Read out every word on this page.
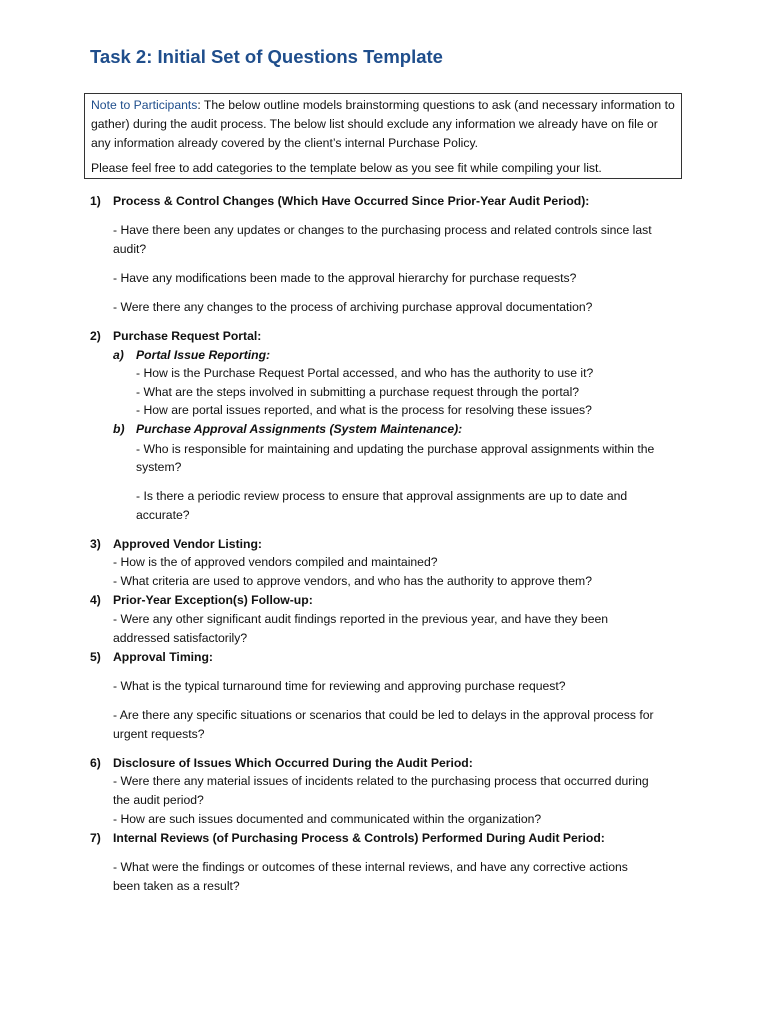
Task 2: Initial Set of Questions Template

Note to Participants: The below outline models brainstorming questions to ask (and necessary information to gather) during the audit process. The below list should exclude any information we already have on file or any information already covered by the client’s internal Purchase Policy.

Please feel free to add categories to the template below as you see fit while compiling your list.

1) Process & Control Changes (Which Have Occurred Since Prior-Year Audit Period):
- Have there been any updates or changes to the purchasing process and related controls since last
audit?
- Have any modifications been made to the approval hierarchy for purchase requests?
- Were there any changes to the process of archiving purchase approval documentation?
2) Purchase Request Portal:
a) Portal Issue Reporting:
- How is the Purchase Request Portal accessed, and who has the authority to use it?
- What are the steps involved in submitting a purchase request through the portal?
- How are portal issues reported, and what is the process for resolving these issues?
b) Purchase Approval Assignments (System Maintenance):
- Who is responsible for maintaining and updating the purchase approval assignments within the
system?
- Is there a periodic review process to ensure that approval assignments are up to date and
accurate?
3) Approved Vendor Listing:
- How is the of approved vendors compiled and maintained?
- What criteria are used to approve vendors, and who has the authority to approve them?
4) Prior-Year Exception(s) Follow-up:
- Were any other significant audit findings reported in the previous year, and have they been
addressed satisfactorily?
5) Approval Timing:
- What is the typical turnaround time for reviewing and approving purchase request?
- Are there any specific situations or scenarios that could be led to delays in the approval process for
urgent requests?
6) Disclosure of Issues Which Occurred During the Audit Period:
- Were there any material issues of incidents related to the purchasing process that occurred during
the audit period?
- How are such issues documented and communicated within the organization?
7) Internal Reviews (of Purchasing Process & Controls) Performed During Audit Period:
- What were the findings or outcomes of these internal reviews, and have any corrective actions
been taken as a result?
